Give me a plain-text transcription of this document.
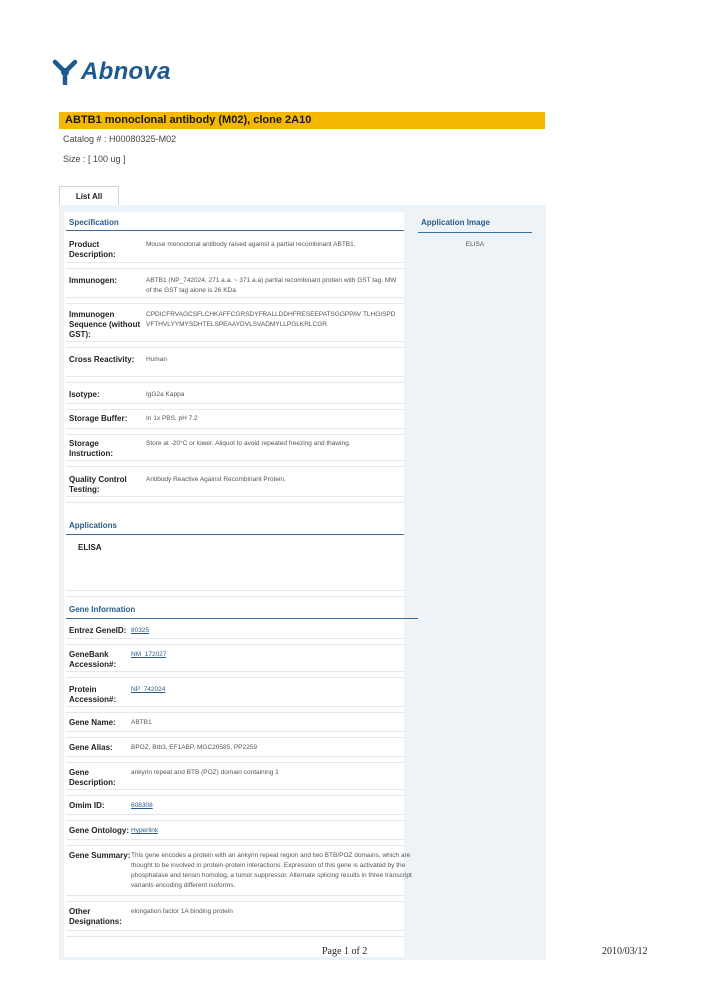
Abnova
ABTB1 monoclonal antibody (M02), clone 2A10
Catalog # : H00080325-M02
Size : [ 100 ug ]
List All
Specification	Application Image
ELISA
Product Description:
Mouse monoclonal antibody raised against a partial recombinant ABTB1.
Immunogen:	ABTB1 (NP_742024, 271 a.a. ~ 371 a.a) partial recombinant protein with GST tag. MW of the GST tag alone is 26 KDa.
Immunogen Sequence (without GST):
CPDICFRVAGCSFLCHKAFFCGRSDYFRALLDDHFRESEEPATSGGPPAV TLHGISPDVFTHVLYYMYSDHTELSPEAAYDVLSVADMYLLPGLKRLCGR
Cross Reactivity:	Human
Isotype:	IgG2a Kappa
Storage Buffer:	In 1x PBS, pH 7.2
Storage Instruction:
Store at -20°C or lower. Aliquot to avoid repeated freezing and thawing.
Quality Control Testing:
Antibody Reactive Against Recombinant Protein.
Applications
ELISA
Gene Information
Entrez GeneID: 80325
GeneBank Accession#:
NM_172027
Protein Accession#:
NP_742024
Gene Name:	ABTB1
Gene Alias:	BPOZ, Btb3, EF1ABP, MGC20585, PP2259
Gene Description:
ankyrin repeat and BTB (POZ) domain containing 1
Omim ID:	608308
Gene Ontology: Hyperlink
Gene Summary: This gene encodes a protein with an ankyrin repeat region and two BTB/POZ domains, which are thought to be involved in protein-protein interactions. Expression of this gene is activated by the phosphatase and tensin homolog, a tumor suppressor. Alternate splicing results in three transcript variants encoding different isoforms.
Other Designations:
elongation factor 1A binding protein
Page 1 of 2	2010/03/12
